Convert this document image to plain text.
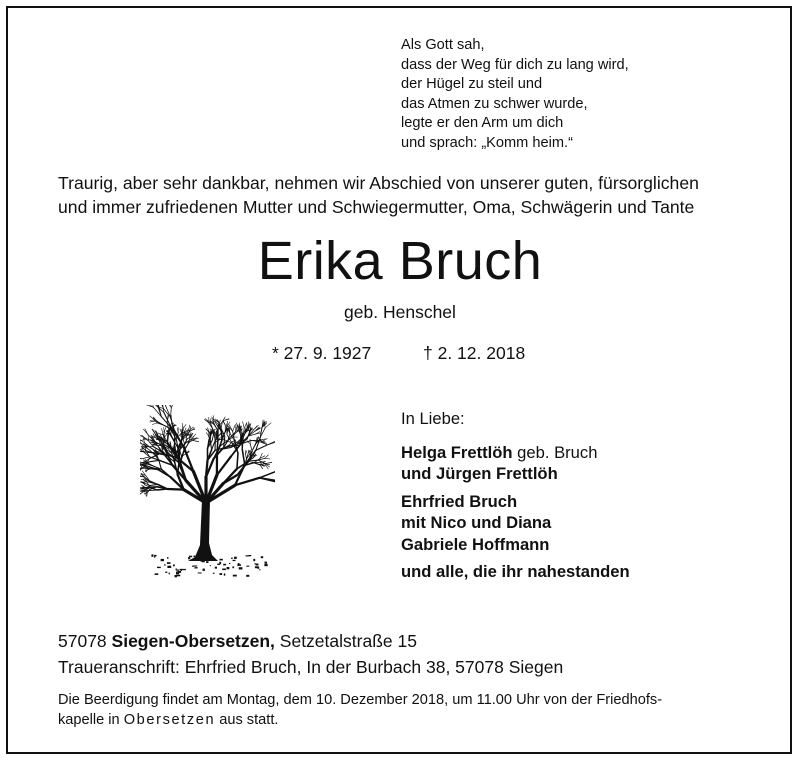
Als Gott sah,
dass der Weg für dich zu lang wird,
der Hügel zu steil und
das Atmen zu schwer wurde,
legte er den Arm um dich
und sprach: „Komm heim.“
Traurig, aber sehr dankbar, nehmen wir Abschied von unserer guten, fürsorglichen
und immer zufriedenen Mutter und Schwiegermutter, Oma, Schwägerin und Tante
Erika Bruch
geb. Henschel
* 27. 9. 1927	† 2. 12. 2018
In Liebe:
Helga Frettlöh geb. Bruch
und Jürgen Frettlöh
Ehrfried Bruch
mit Nico und Diana
Gabriele Hoffmann
und alle, die ihr nahestanden
57078 Siegen-Obersetzen, Setzetalstraße 15
Traueranschrift: Ehrfried Bruch, In der Burbach 38, 57078 Siegen
Die Beerdigung findet am Montag, dem 10. Dezember 2018, um 11.00 Uhr von der Friedhofs-
kapelle in Obersetzen aus statt.
